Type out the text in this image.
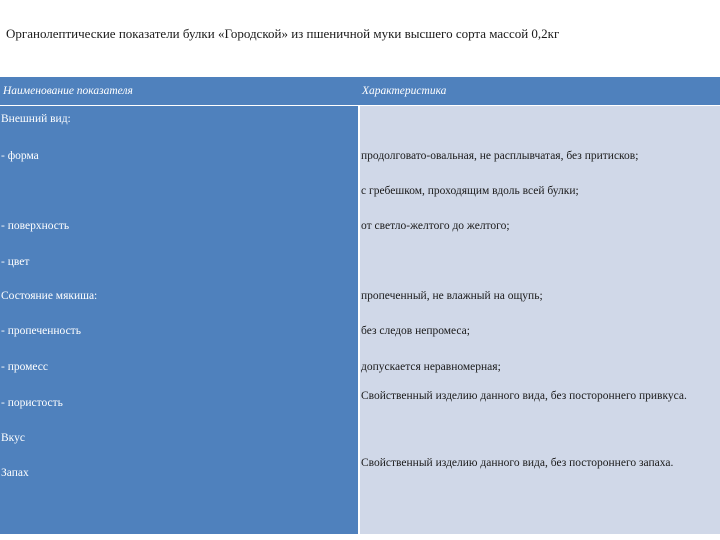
Органолептические показатели булки «Городской» из пшеничной муки высшего сорта массой 0,2кг
Наименование показателя	Характеристика
Внешний вид:
- форма
- поверхность
- цвет
Состояние мякиша:
- пропеченность
- промесс
- пористость
Вкус
Запах
продолговато-овальная, не расплывчатая, без притисков;
с гребешком, проходящим вдоль всей булки;
от светло-желтого до желтого;
пропеченный, не влажный на ощупь;
без следов непромеса;
допускается неравномерная;
Свойственный изделию данного вида, без постороннего привкуса.
Свойственный изделию данного вида, без постороннего запаха.
